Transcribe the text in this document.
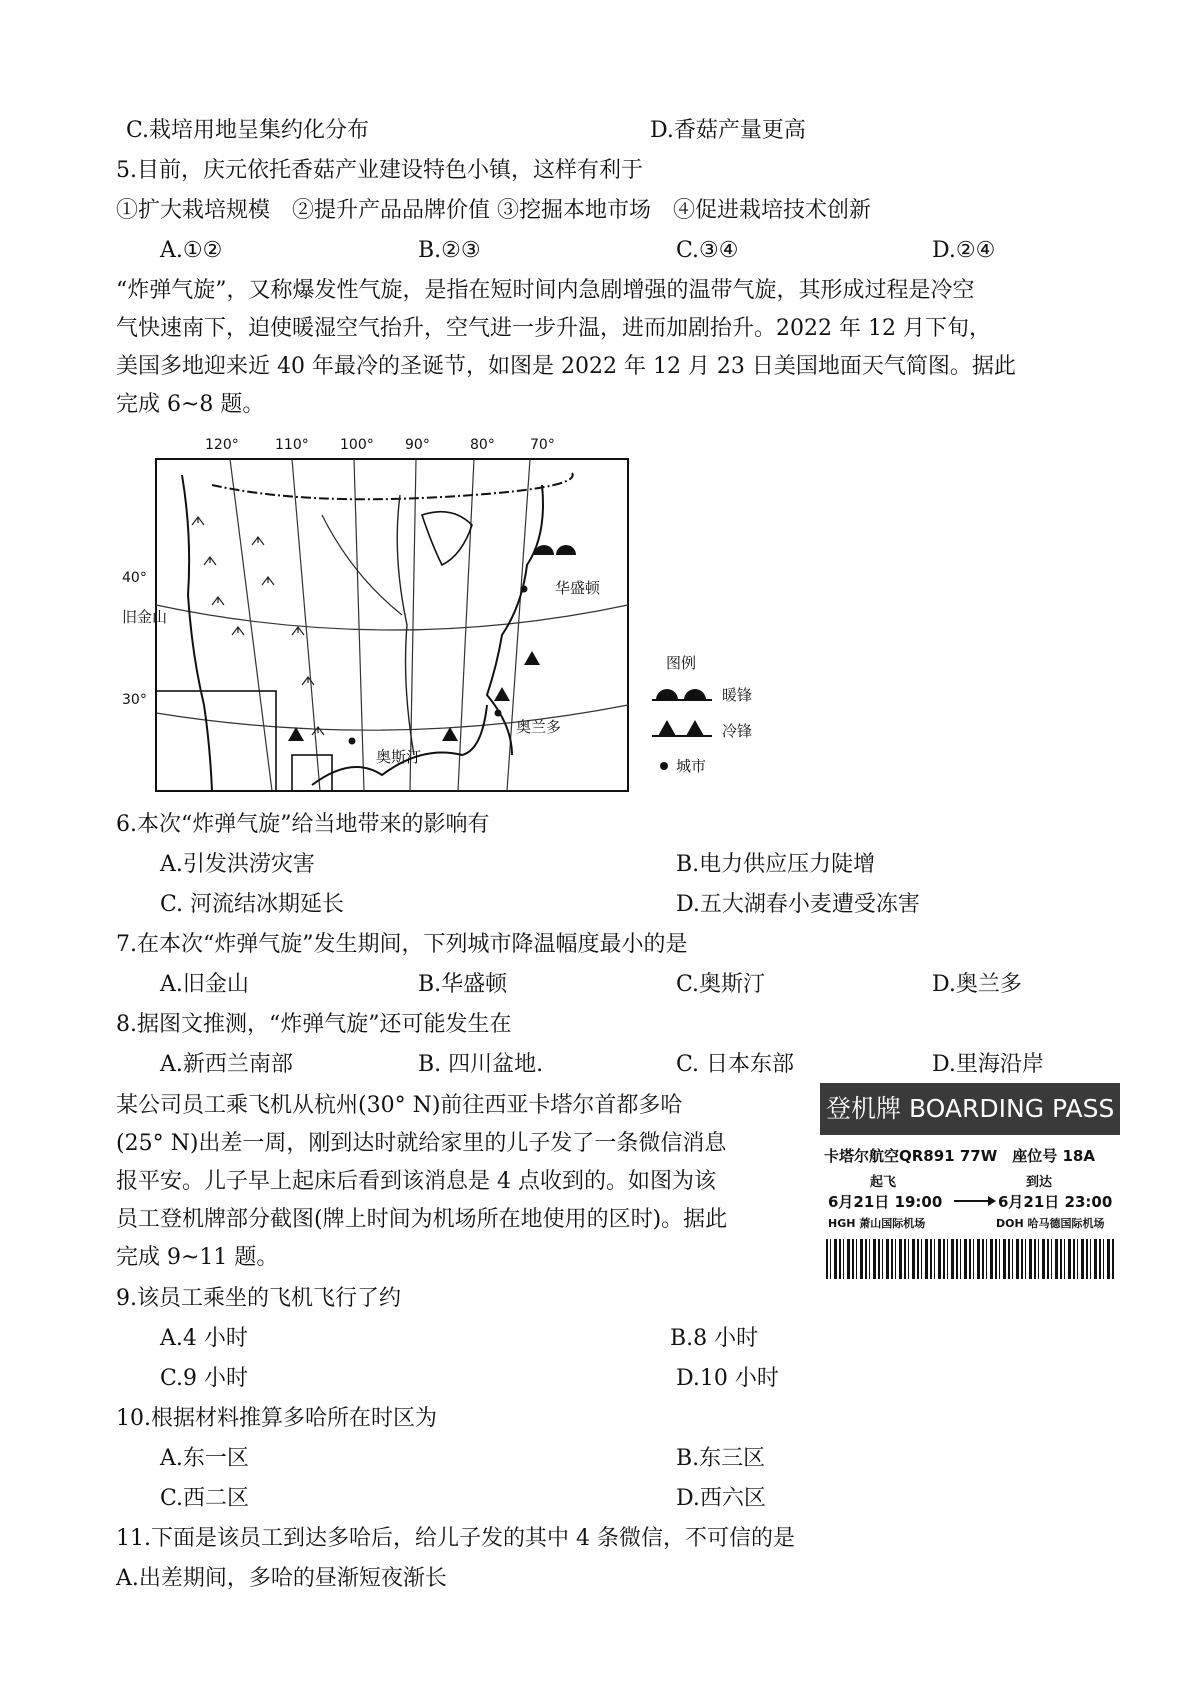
C.栽培用地呈集约化分布	D.香菇产量更高
5.目前，庆元依托香菇产业建设特色小镇，这样有利于
①扩大栽培规模　②提升产品品牌价值 ③挖掘本地市场　④促进栽培技术创新
A.①②	B.②③	C.③④	D.②④
“炸弹气旋”，又称爆发性气旋，是指在短时间内急剧增强的温带气旋，其形成过程是冷空
气快速南下，迫使暖湿空气抬升，空气进一步升温，进而加剧抬升。2022 年 12 月下旬，
美国多地迎来近 40 年最冷的圣诞节，如图是 2022 年 12 月 23 日美国地面天气简图。据此
完成 6~8 题。
120°	110° 100° 90°	80°	70°
40°
30°
旧金山
华盛顿
奥斯汀
奥兰多
图例
暖锋
冷锋
城市
6.本次“炸弹气旋”给当地带来的影响有
A.引发洪涝灾害	B.电力供应压力陡增
C. 河流结冰期延长	D.五大湖春小麦遭受冻害
7.在本次“炸弹气旋”发生期间，下列城市降温幅度最小的是
A.旧金山	B.华盛顿	C.奥斯汀	D.奥兰多
8.据图文推测，“炸弹气旋”还可能发生在
A.新西兰南部	B. 四川盆地.	C. 日本东部	D.里海沿岸
某公司员工乘飞机从杭州(30° N)前往西亚卡塔尔首都多哈
(25° N)出差一周，刚到达时就给家里的儿子发了一条微信消息
报平安。儿子早上起床后看到该消息是 4 点收到的。如图为该
员工登机牌部分截图(牌上时间为机场所在地使用的区时)。据此
完成 9~11 题。
登机牌 BOARDING PASS
卡塔尔航空QR891 77W　座位号 18A
起飞	到达
6月21日 19:00	6月21日 23:00
HGH 萧山国际机场	DOH 哈马德国际机场
9.该员工乘坐的飞机飞行了约
A.4 小时	B.8 小时
C.9 小时	D.10 小时
10.根据材料推算多哈所在时区为
A.东一区	B.东三区
C.西二区	D.西六区
11.下面是该员工到达多哈后，给儿子发的其中 4 条微信，不可信的是
A.出差期间，多哈的昼渐短夜渐长
